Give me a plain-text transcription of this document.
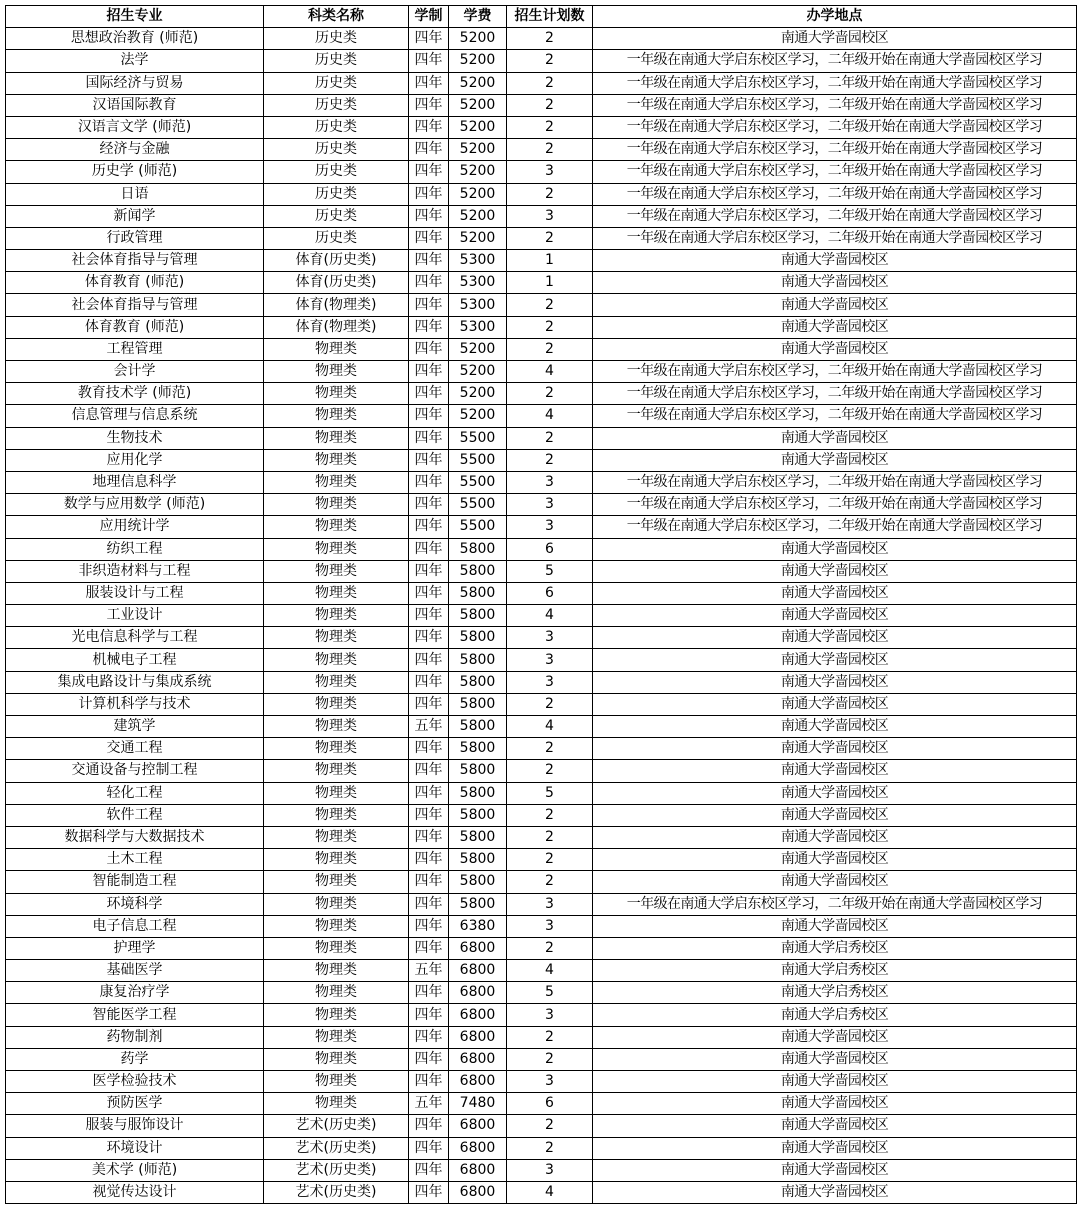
招生专业	科类名称	学制	学费	招生计划数	办学地点
思想政治教育 (师范)	历史类	四年	5200	2	南通大学啬园校区
法学	历史类	四年	5200	2	一年级在南通大学启东校区学习，二年级开始在南通大学啬园校区学习
国际经济与贸易	历史类	四年	5200	2	一年级在南通大学启东校区学习，二年级开始在南通大学啬园校区学习
汉语国际教育	历史类	四年	5200	2	一年级在南通大学启东校区学习，二年级开始在南通大学啬园校区学习
汉语言文学 (师范)	历史类	四年	5200	2	一年级在南通大学启东校区学习，二年级开始在南通大学啬园校区学习
经济与金融	历史类	四年	5200	2	一年级在南通大学启东校区学习，二年级开始在南通大学啬园校区学习
历史学 (师范)	历史类	四年	5200	3	一年级在南通大学启东校区学习，二年级开始在南通大学啬园校区学习
日语	历史类	四年	5200	2	一年级在南通大学启东校区学习，二年级开始在南通大学啬园校区学习
新闻学	历史类	四年	5200	3	一年级在南通大学启东校区学习，二年级开始在南通大学啬园校区学习
行政管理	历史类	四年	5200	2	一年级在南通大学启东校区学习，二年级开始在南通大学啬园校区学习
社会体育指导与管理	体育(历史类)	四年	5300	1	南通大学啬园校区
体育教育 (师范)	体育(历史类)	四年	5300	1	南通大学啬园校区
社会体育指导与管理	体育(物理类)	四年	5300	2	南通大学啬园校区
体育教育 (师范)	体育(物理类)	四年	5300	2	南通大学啬园校区
工程管理	物理类	四年	5200	2	南通大学啬园校区
会计学	物理类	四年	5200	4	一年级在南通大学启东校区学习，二年级开始在南通大学啬园校区学习
教育技术学 (师范)	物理类	四年	5200	2	一年级在南通大学启东校区学习，二年级开始在南通大学啬园校区学习
信息管理与信息系统	物理类	四年	5200	4	一年级在南通大学启东校区学习，二年级开始在南通大学啬园校区学习
生物技术	物理类	四年	5500	2	南通大学啬园校区
应用化学	物理类	四年	5500	2	南通大学啬园校区
地理信息科学	物理类	四年	5500	3	一年级在南通大学启东校区学习，二年级开始在南通大学啬园校区学习
数学与应用数学 (师范)	物理类	四年	5500	3	一年级在南通大学启东校区学习，二年级开始在南通大学啬园校区学习
应用统计学	物理类	四年	5500	3	一年级在南通大学启东校区学习，二年级开始在南通大学啬园校区学习
纺织工程	物理类	四年	5800	6	南通大学啬园校区
非织造材料与工程	物理类	四年	5800	5	南通大学啬园校区
服装设计与工程	物理类	四年	5800	6	南通大学啬园校区
工业设计	物理类	四年	5800	4	南通大学啬园校区
光电信息科学与工程	物理类	四年	5800	3	南通大学啬园校区
机械电子工程	物理类	四年	5800	3	南通大学啬园校区
集成电路设计与集成系统	物理类	四年	5800	3	南通大学啬园校区
计算机科学与技术	物理类	四年	5800	2	南通大学啬园校区
建筑学	物理类	五年	5800	4	南通大学啬园校区
交通工程	物理类	四年	5800	2	南通大学啬园校区
交通设备与控制工程	物理类	四年	5800	2	南通大学啬园校区
轻化工程	物理类	四年	5800	5	南通大学啬园校区
软件工程	物理类	四年	5800	2	南通大学啬园校区
数据科学与大数据技术	物理类	四年	5800	2	南通大学啬园校区
土木工程	物理类	四年	5800	2	南通大学啬园校区
智能制造工程	物理类	四年	5800	2	南通大学啬园校区
环境科学	物理类	四年	5800	3	一年级在南通大学启东校区学习，二年级开始在南通大学啬园校区学习
电子信息工程	物理类	四年	6380	3	南通大学啬园校区
护理学	物理类	四年	6800	2	南通大学启秀校区
基础医学	物理类	五年	6800	4	南通大学启秀校区
康复治疗学	物理类	四年	6800	5	南通大学启秀校区
智能医学工程	物理类	四年	6800	3	南通大学启秀校区
药物制剂	物理类	四年	6800	2	南通大学啬园校区
药学	物理类	四年	6800	2	南通大学啬园校区
医学检验技术	物理类	四年	6800	3	南通大学啬园校区
预防医学	物理类	五年	7480	6	南通大学啬园校区
服装与服饰设计	艺术(历史类)	四年	6800	2	南通大学啬园校区
环境设计	艺术(历史类)	四年	6800	2	南通大学啬园校区
美术学 (师范)	艺术(历史类)	四年	6800	3	南通大学啬园校区
视觉传达设计	艺术(历史类)	四年	6800	4	南通大学啬园校区
